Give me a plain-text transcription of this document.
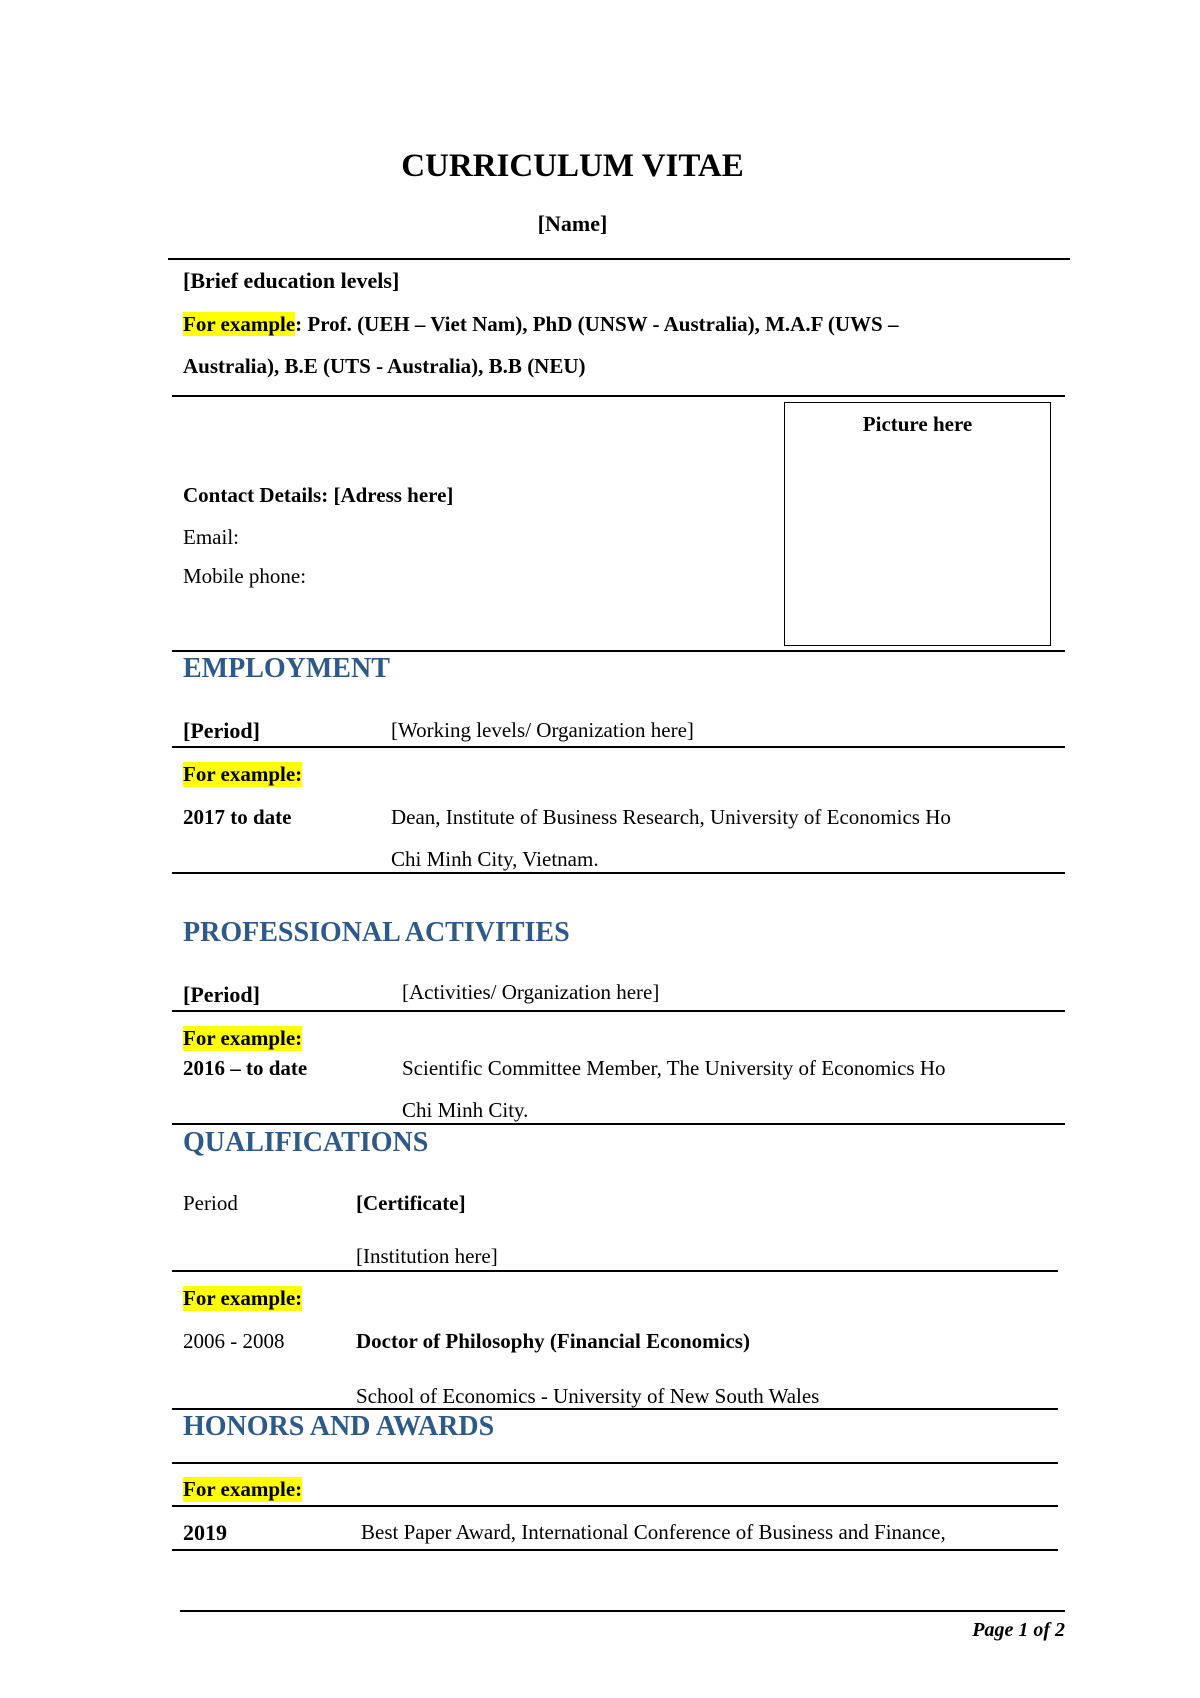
CURRICULUM VITAE
[Name]
[Brief education levels]
For example: Prof. (UEH – Viet Nam), PhD (UNSW - Australia), M.A.F (UWS –
Australia), B.E (UTS - Australia), B.B (NEU)
Picture here
Contact Details: [Adress here]
Email:
Mobile phone:
EMPLOYMENT
[Period]	[Working levels/ Organization here]
For example:
2017 to date	Dean, Institute of Business Research, University of Economics Ho
Chi Minh City, Vietnam.
PROFESSIONAL ACTIVITIES
[Period]	[Activities/ Organization here]
For example:
2016 – to date	Scientific Committee Member, The University of Economics Ho
Chi Minh City.
QUALIFICATIONS
Period	[Certificate]
[Institution here]
For example:
2006 - 2008	Doctor of Philosophy (Financial Economics)
School of Economics - University of New South Wales
HONORS AND AWARDS
For example:
2019	Best Paper Award, International Conference of Business and Finance,
Page 1 of 2
